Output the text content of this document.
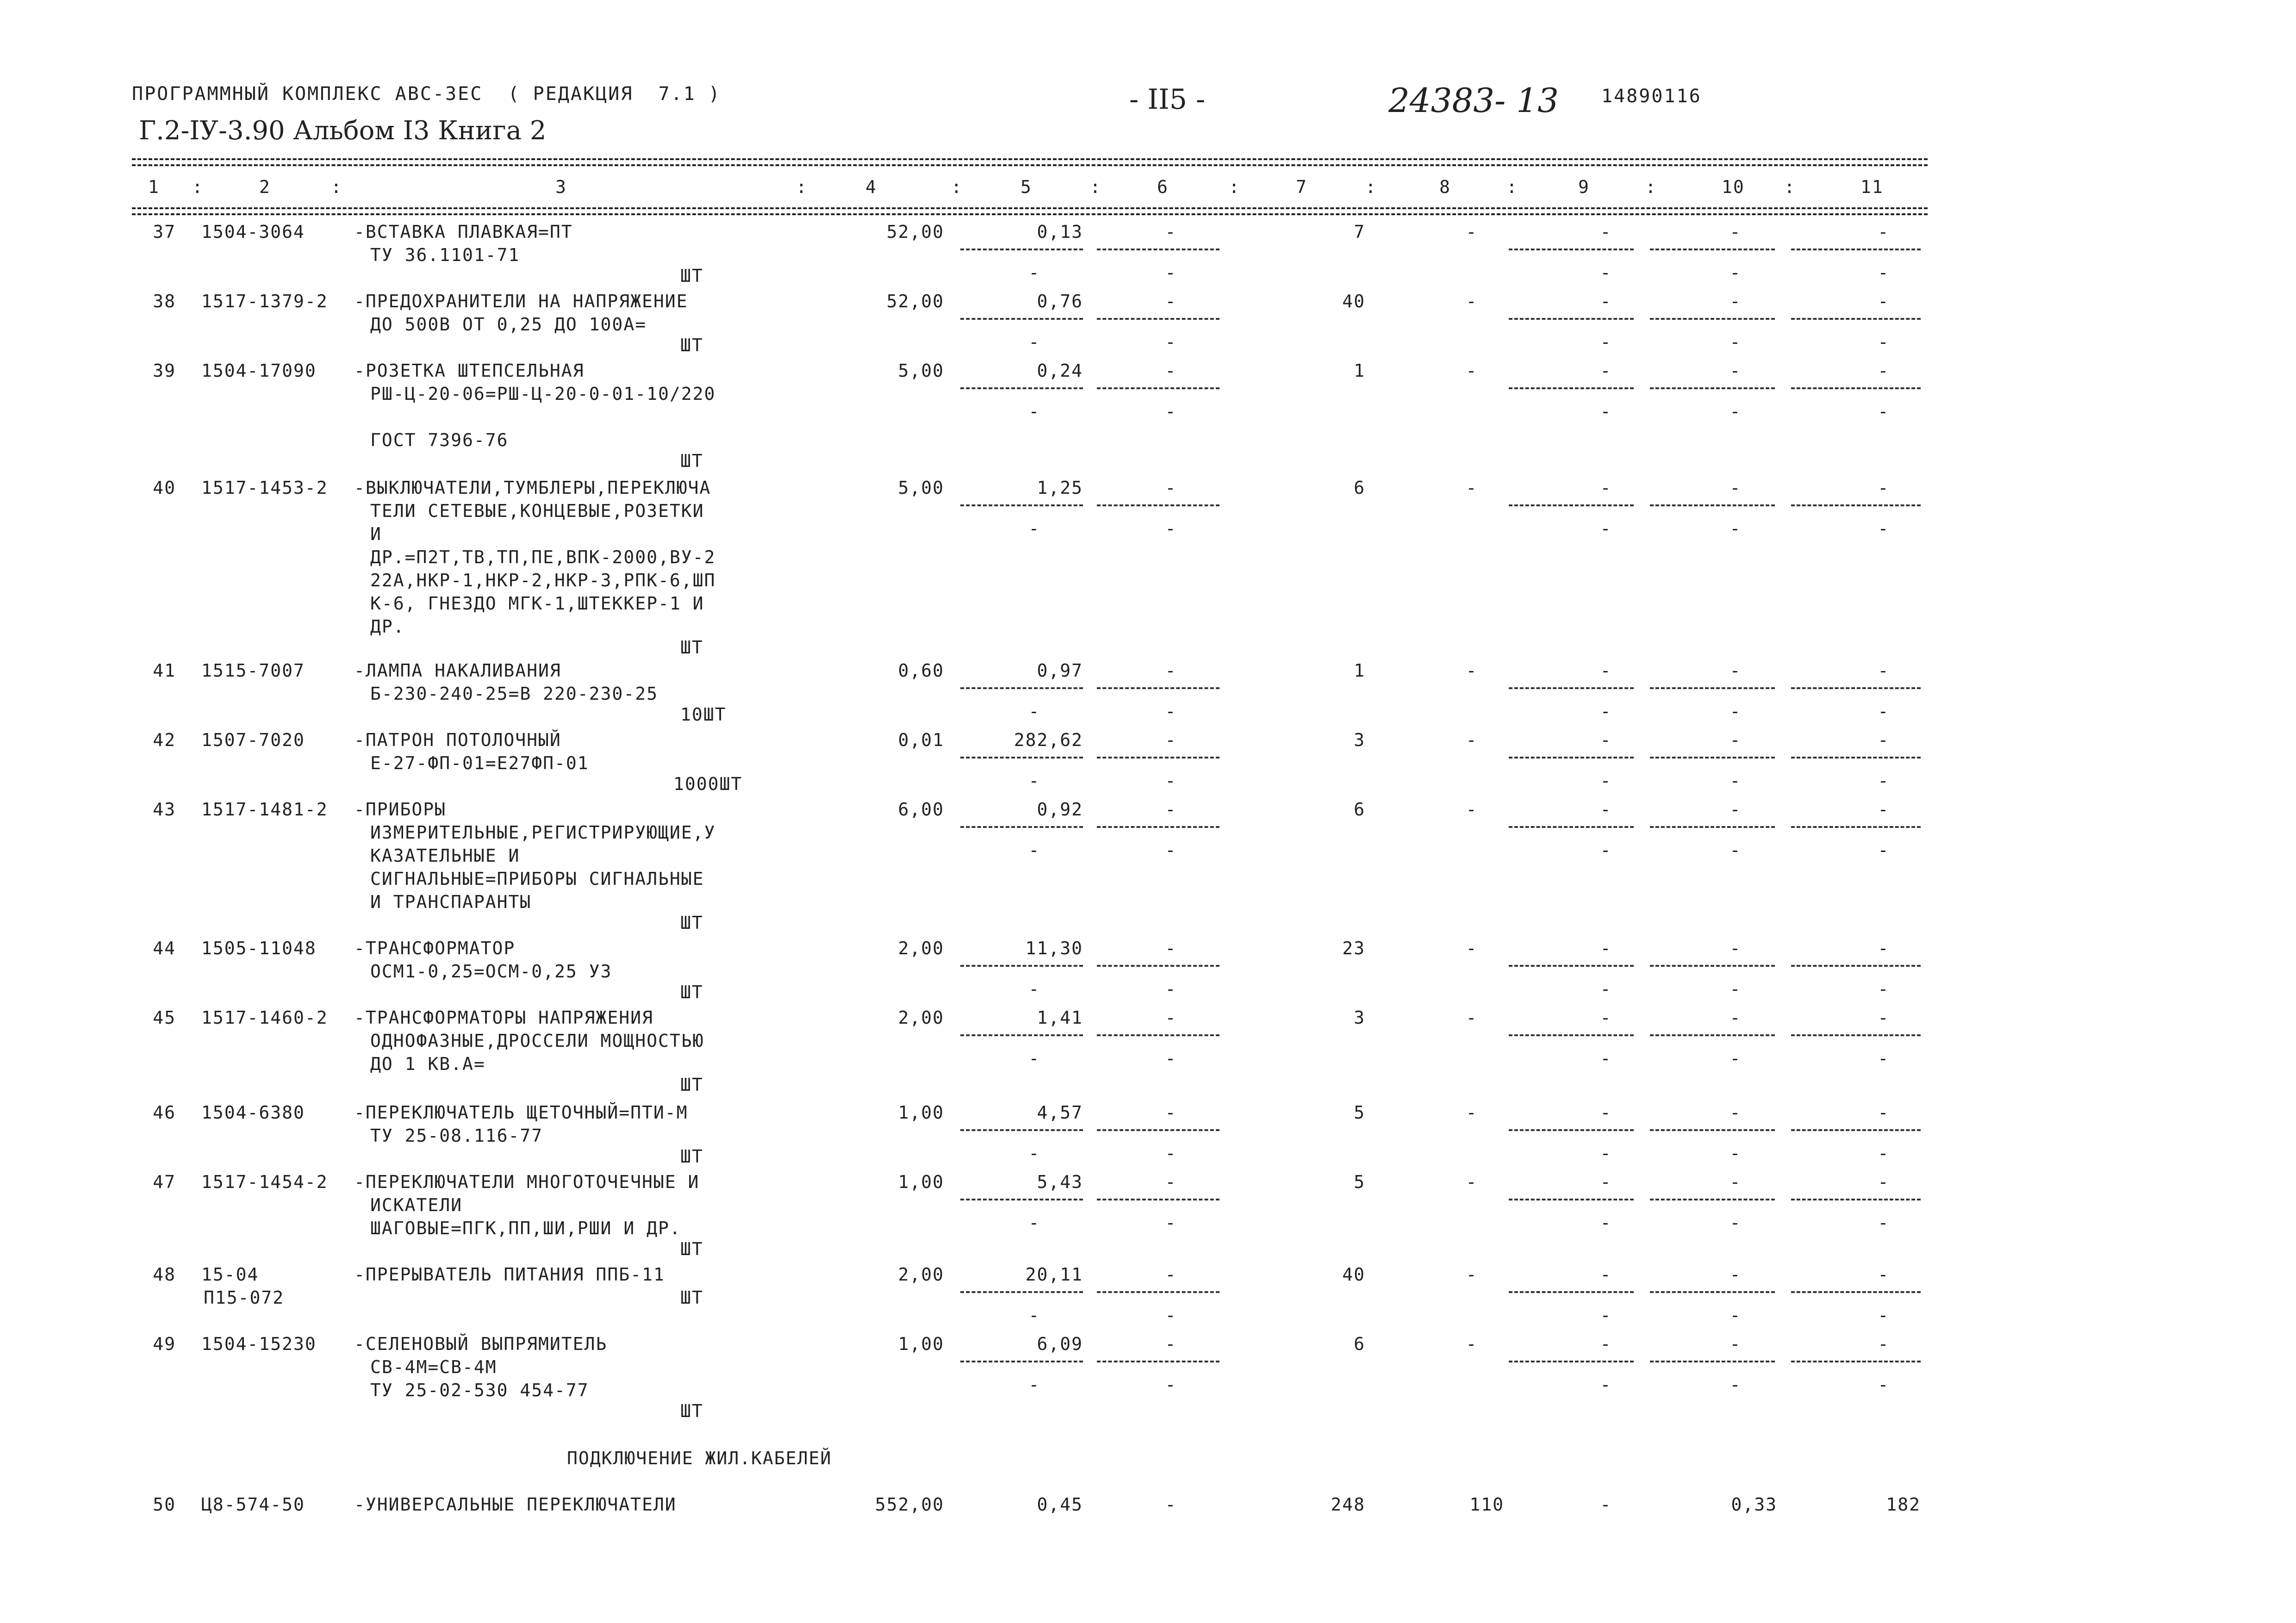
ПРОГРАММНЫЙ КОМПЛЕКС АВС-ЗЕС  ( РЕДАКЦИЯ  7.1 )
Г.2-IУ-3.90 Альбом I3 Книга 2
- II5 -	24383- 13 14890116
1	2	3	4	5	6	7	8	9	10	11
:	:	:	:	:	:	:	:	:	:
37 1504-3064	-ВСТАВКА ПЛАВКАЯ=ПТ
ТУ 36.1101-71
ШТ
52,00	0,13	-	7	-	-	-	-
-	-	-	-	-
38 1517-1379-2 -ПРЕДОХРАНИТЕЛИ НА НАПРЯЖЕНИЕ
ДО 500В ОТ 0,25 ДО 100А=
ШТ
52,00	0,76	-	40	-	-	-	-
-	-	-	-	-
39 1504-17090 -РОЗЕТКА ШТЕПСЕЛЬНАЯ
РШ-Ц-20-06=РШ-Ц-20-0-01-10/220
ГОСТ 7396-76
ШТ
5,00	0,24	-	1	-	-	-	-
-	-	-	-	-
40 1517-1453-2 -ВЫКЛЮЧАТЕЛИ,ТУМБЛЕРЫ,ПЕРЕКЛЮЧА
ТЕЛИ СЕТЕВЫЕ,КОНЦЕВЫЕ,РОЗЕТКИ
И
ДР.=П2Т,ТВ,ТП,ПЕ,ВПК-2000,ВУ-2
22А,НКР-1,НКР-2,НКР-3,РПК-6,ШП
К-6, ГНЕЗДО МГК-1,ШТЕККЕР-1 И
ДР.
ШТ
5,00	1,25	-	6	-	-	-	-
-	-	-	-	-
41 1515-7007	-ЛАМПА НАКАЛИВАНИЯ
Б-230-240-25=В 220-230-25
10ШТ
0,60	0,97	-	1	-	-	-	-
-	-	-	-	-
42 1507-7020	-ПАТРОН ПОТОЛОЧНЫЙ
Е-27-ФП-01=Е27ФП-01
1000ШТ
0,01	282,62	-	3	-	-	-	-
-	-	-	-	-
43 1517-1481-2 -ПРИБОРЫ
ИЗМЕРИТЕЛЬНЫЕ,РЕГИСТРИРУЮЩИЕ,У
КАЗАТЕЛЬНЫЕ И
СИГНАЛЬНЫЕ=ПРИБОРЫ СИГНАЛЬНЫЕ
И ТРАНСПАРАНТЫ
ШТ
6,00	0,92	-	6	-	-	-	-
-	-	-	-	-
44 1505-11048 -ТРАНСФОРМАТОР
ОСМ1-0,25=ОСМ-0,25 У3
ШТ
2,00	11,30	-	23	-	-	-	-
-	-	-	-	-
45 1517-1460-2 -ТРАНСФОРМАТОРЫ НАПРЯЖЕНИЯ
ОДНОФАЗНЫЕ,ДРОССЕЛИ МОЩНОСТЬЮ
ДО 1 КВ.А=
ШТ
2,00	1,41	-	3	-	-	-	-
-	-	-	-	-
46 1504-6380	-ПЕРЕКЛЮЧАТЕЛЬ ЩЕТОЧНЫЙ=ПТИ-М
ТУ 25-08.116-77
ШТ
1,00	4,57	-	5	-	-	-	-
-	-	-	-	-
47 1517-1454-2 -ПЕРЕКЛЮЧАТЕЛИ МНОГОТОЧЕЧНЫЕ И
ИСКАТЕЛИ
ШАГОВЫЕ=ПГК,ПП,ШИ,РШИ И ДР.
ШТ
1,00	5,43	-	5	-	-	-	-
-	-	-	-	-
48 15-04
П15-072
-ПРЕРЫВАТЕЛЬ ПИТАНИЯ ППБ-11
ШТ
2,00	20,11	-	40	-	-	-	-
-	-	-	-	-
49 1504-15230 -СЕЛЕНОВЫЙ ВЫПРЯМИТЕЛЬ
СВ-4М=СВ-4М
ТУ 25-02-530 454-77
ШТ
1,00	6,09	-	6	-	-	-	-
-	-	-	-	-
ПОДКЛЮЧЕНИЕ ЖИЛ.КАБЕЛЕЙ
50 Ц8-574-50	-УНИВЕРСАЛЬНЫЕ ПЕРЕКЛЮЧАТЕЛИ	552,00	0,45	-	248	110	-	0,33	182
